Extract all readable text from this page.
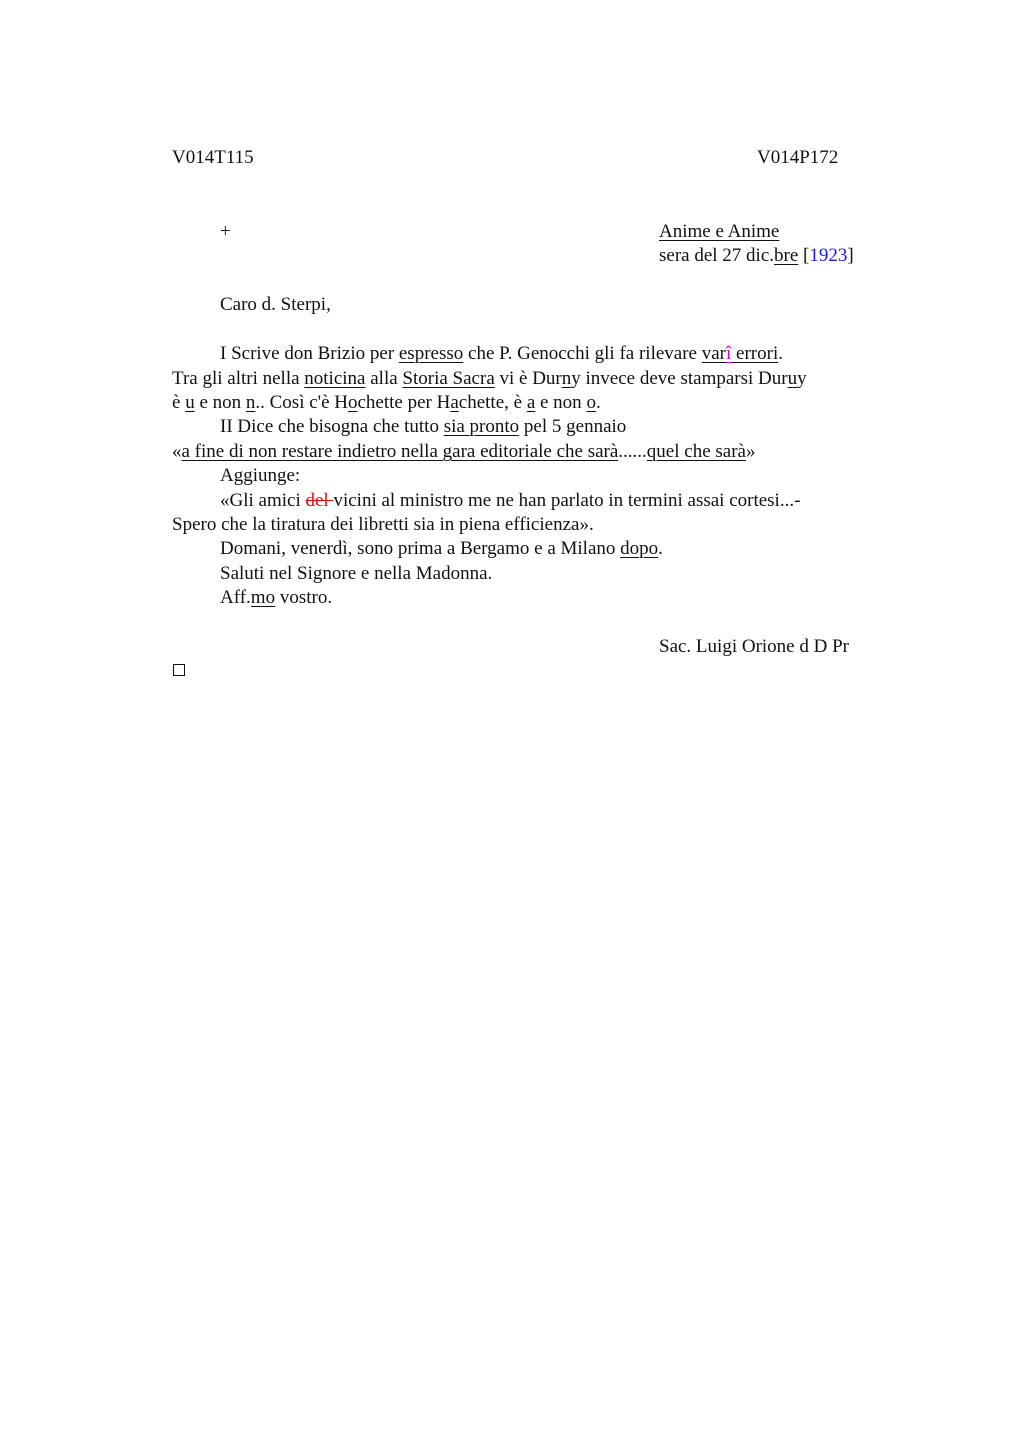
V014T115	V014P172
+	Anime e Anime
sera del 27 dic.bre [1923]
Caro d. Sterpi,
I Scrive don Brizio per espresso che P. Genocchi gli fa rilevare varî errori.
Tra gli altri nella noticina alla Storia Sacra vi è Durny invece deve stamparsi Duruy
è u e non n.. Così c'è Hochette per Hachette, è a e non o.
II Dice che bisogna che tutto sia pronto pel 5 gennaio
«a fine di non restare indietro nella gara editoriale che sarà......quel che sarà»
Aggiunge:
«Gli amici del vicini al ministro me ne han parlato in termini assai cortesi...-
Spero che la tiratura dei libretti sia in piena efficienza».
Domani, venerdì, sono prima a Bergamo e a Milano dopo.
Saluti nel Signore e nella Madonna.
Aff.mo vostro.
Sac. Luigi Orione d D Pr
